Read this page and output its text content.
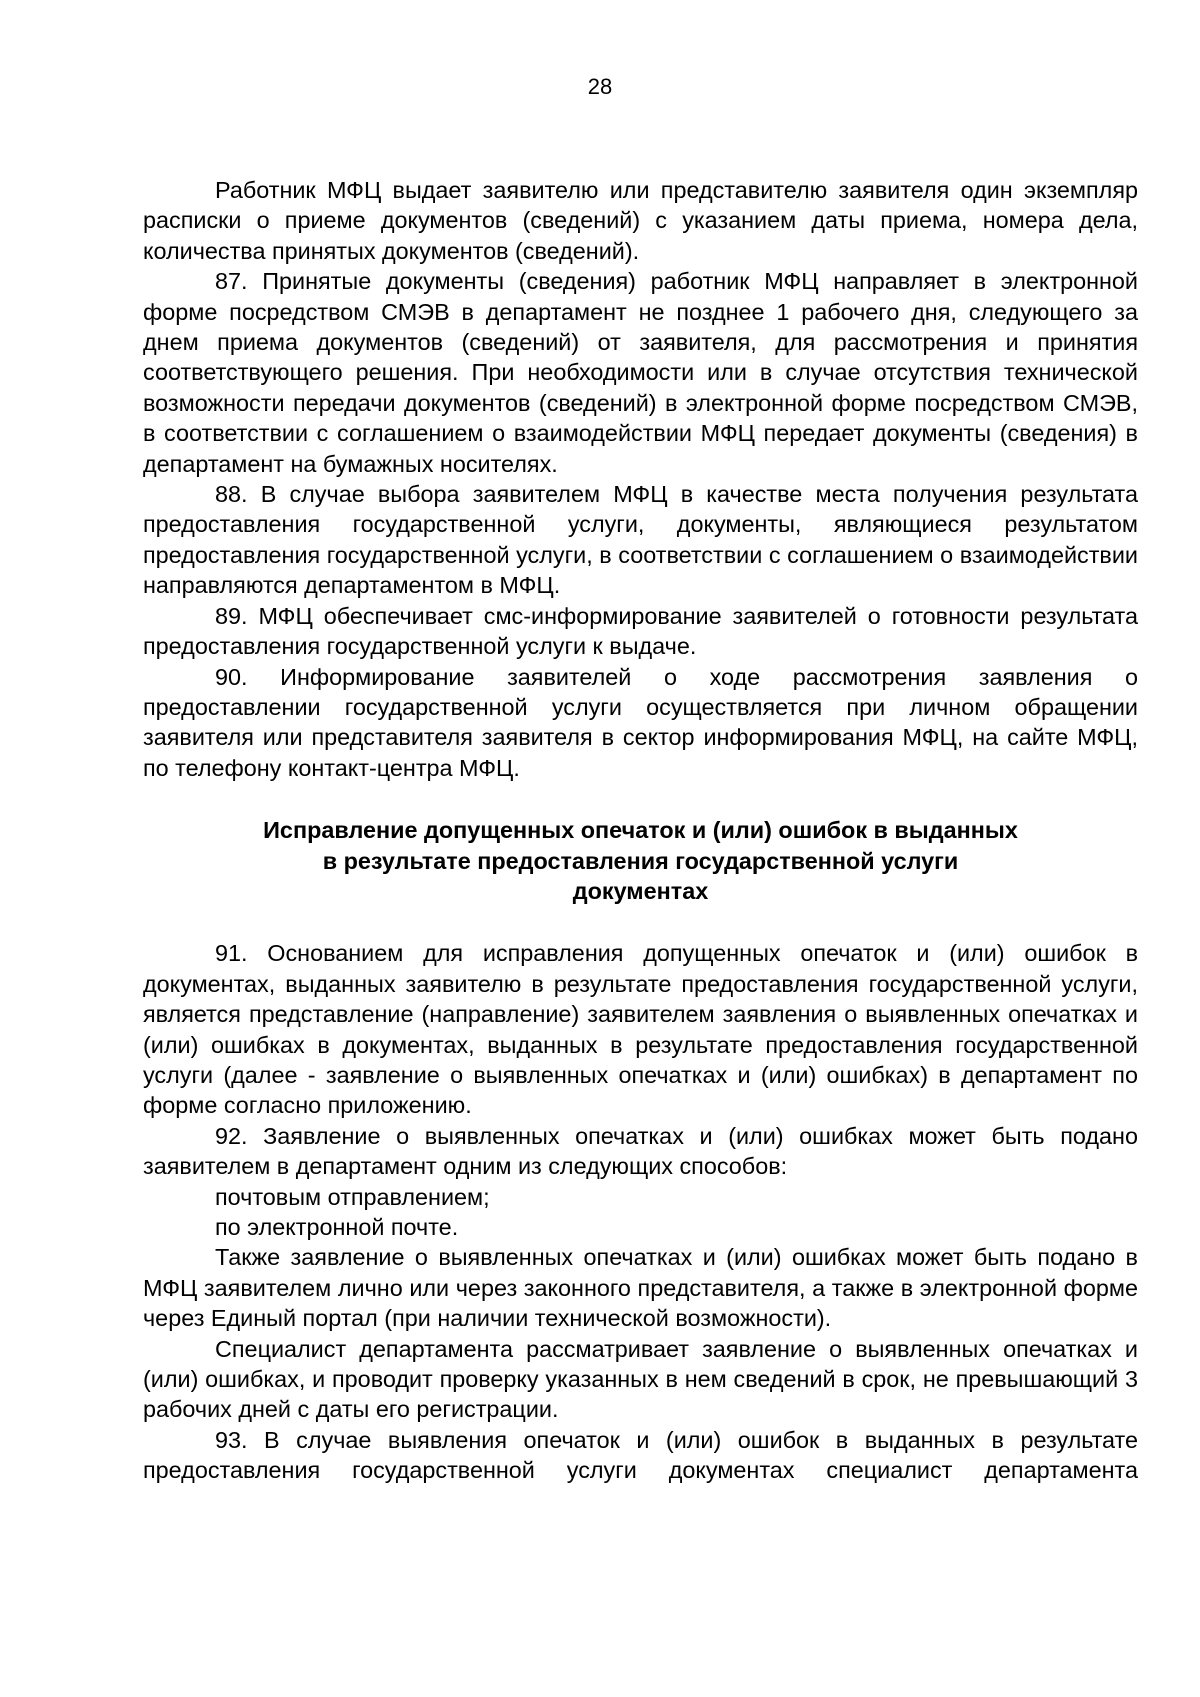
28

Работник МФЦ выдает заявителю или представителю заявителя один экземпляр расписки о приеме документов (сведений) с указанием даты приема, номера дела, количества принятых документов (сведений).

87. Принятые документы (сведения) работник МФЦ направляет в электронной форме посредством СМЭВ в департамент не позднее 1 рабочего дня, следующего за днем приема документов (сведений) от заявителя, для рассмотрения и принятия соответствующего решения. При необходимости или в случае отсутствия технической возможности передачи документов (сведений) в электронной форме посредством СМЭВ, в соответствии с соглашением о взаимодействии МФЦ передает документы (сведения) в департамент на бумажных носителях.

88. В случае выбора заявителем МФЦ в качестве места получения результата предоставления государственной услуги, документы, являющиеся результатом предоставления государственной услуги, в соответствии с соглашением о взаимодействии направляются департаментом в МФЦ.

89. МФЦ обеспечивает смс-информирование заявителей о готовности результата предоставления государственной услуги к выдаче.

90. Информирование заявителей о ходе рассмотрения заявления о предоставлении государственной услуги осуществляется при личном обращении заявителя или представителя заявителя в сектор информирования МФЦ, на сайте МФЦ, по телефону контакт-центра МФЦ.

Исправление допущенных опечаток и (или) ошибок в выданных
в результате предоставления государственной услуги
документах

91. Основанием для исправления допущенных опечаток и (или) ошибок в документах, выданных заявителю в результате предоставления государственной услуги, является представление (направление) заявителем заявления о выявленных опечатках и (или) ошибках в документах, выданных в результате предоставления государственной услуги (далее - заявление о выявленных опечатках и (или) ошибках) в департамент по форме согласно приложению.

92. Заявление о выявленных опечатках и (или) ошибках может быть подано заявителем в департамент одним из следующих способов:

почтовым отправлением;

по электронной почте.

Также заявление о выявленных опечатках и (или) ошибках может быть подано в МФЦ заявителем лично или через законного представителя, а также в электронной форме через Единый портал (при наличии технической возможности).

Специалист департамента рассматривает заявление о выявленных опечатках и (или) ошибках, и проводит проверку указанных в нем сведений в срок, не превышающий 3 рабочих дней с даты его регистрации.

93. В случае выявления опечаток и (или) ошибок в выданных в результате предоставления государственной услуги документах специалист департамента
